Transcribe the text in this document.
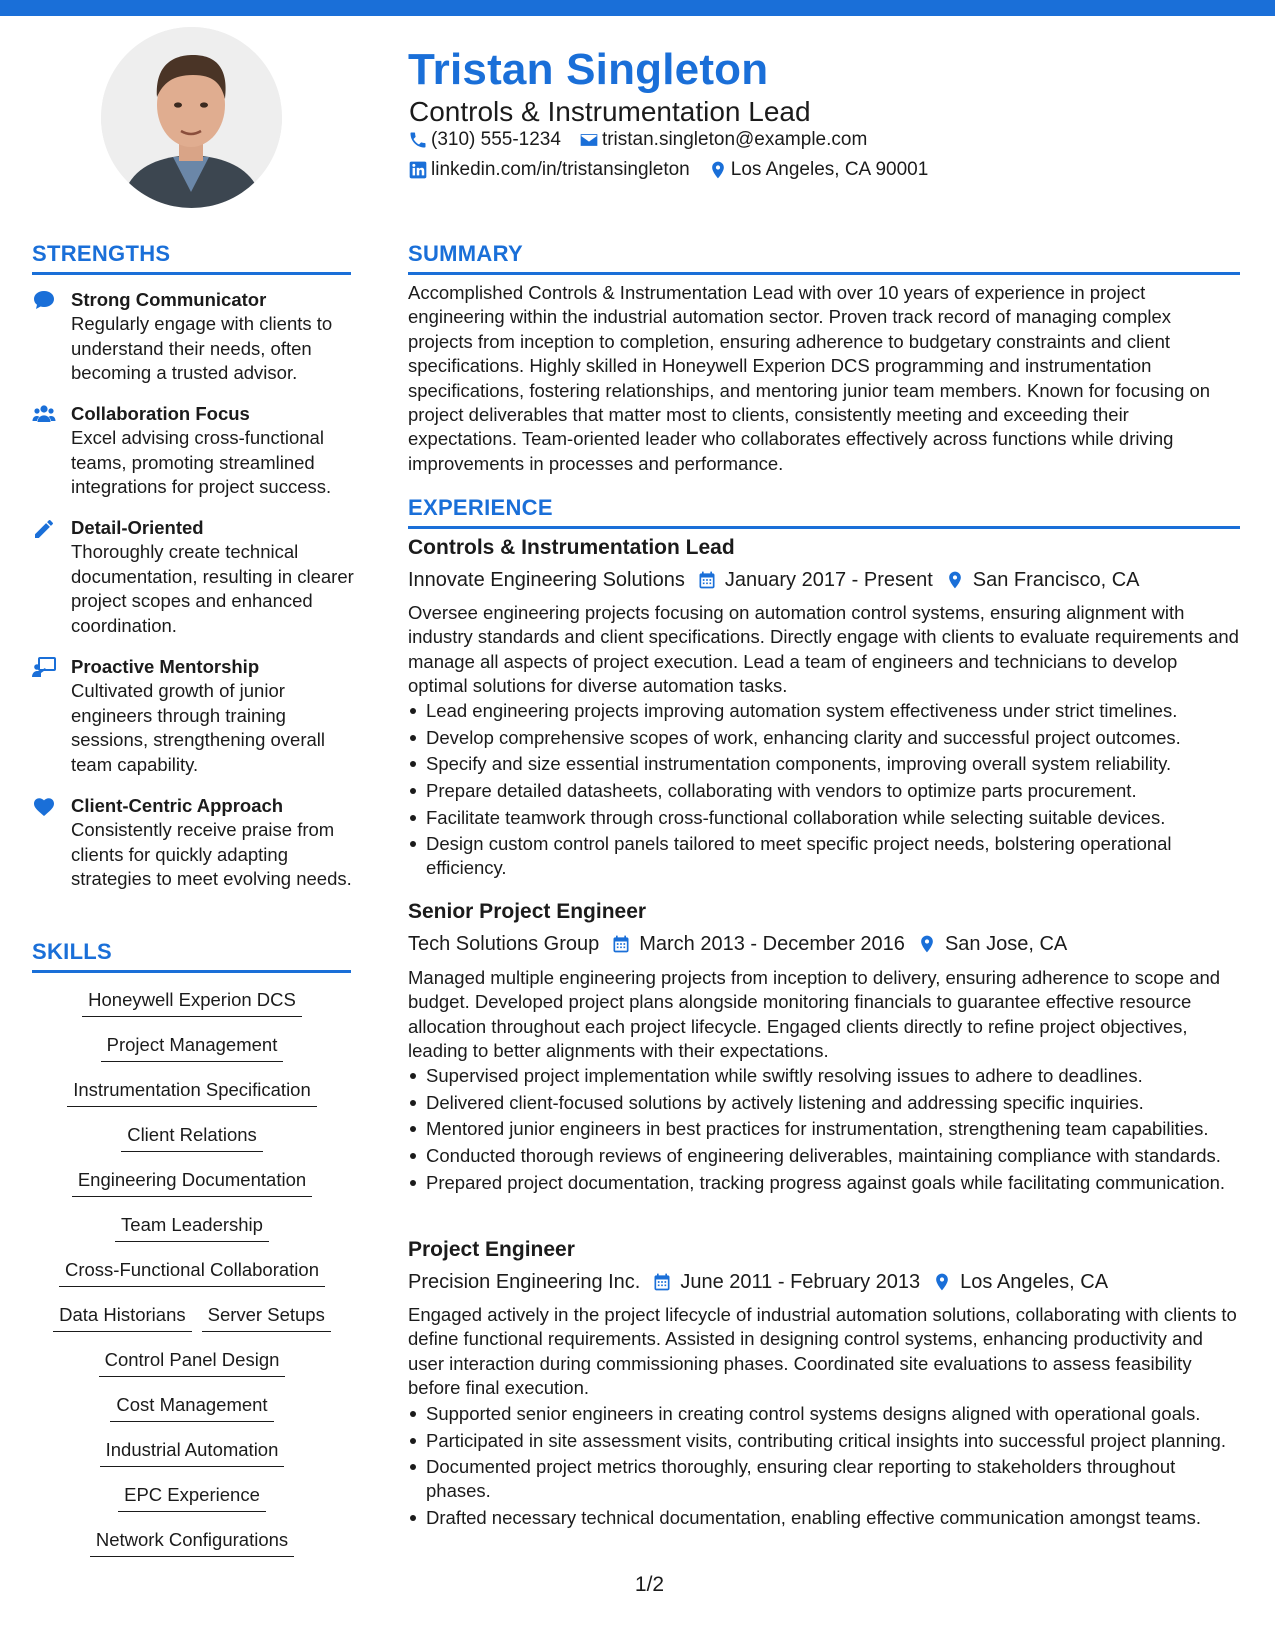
Tristan Singleton
Controls & Instrumentation Lead
(310) 555-1234 tristan.singleton@example.com
linkedin.com/in/tristansingleton Los Angeles, CA 90001
STRENGTHS
Strong Communicator
Regularly engage with clients to understand their needs, often becoming a trusted advisor.
Collaboration Focus
Excel advising cross-functional teams, promoting streamlined integrations for project success.
Detail-Oriented
Thoroughly create technical documentation, resulting in clearer project scopes and enhanced coordination.
Proactive Mentorship
Cultivated growth of junior engineers through training sessions, strengthening overall team capability.
Client-Centric Approach
Consistently receive praise from clients for quickly adapting strategies to meet evolving needs.
SKILLS
Honeywell Experion DCS
Project Management
Instrumentation Specification
Client Relations
Engineering Documentation
Team Leadership
Cross-Functional Collaboration
Data Historians	Server Setups
Control Panel Design
Cost Management
Industrial Automation
EPC Experience
Network Configurations
SUMMARY
Accomplished Controls & Instrumentation Lead with over 10 years of experience in project engineering within the industrial automation sector. Proven track record of managing complex projects from inception to completion, ensuring adherence to budgetary constraints and client specifications. Highly skilled in Honeywell Experion DCS programming and instrumentation specifications, fostering relationships, and mentoring junior team members. Known for focusing on project deliverables that matter most to clients, consistently meeting and exceeding their expectations. Team-oriented leader who collaborates effectively across functions while driving improvements in processes and performance.
EXPERIENCE
Controls & Instrumentation Lead
Innovate Engineering Solutions January 2017 - Present San Francisco, CA
Oversee engineering projects focusing on automation control systems, ensuring alignment with industry standards and client specifications. Directly engage with clients to evaluate requirements and manage all aspects of project execution. Lead a team of engineers and technicians to develop optimal solutions for diverse automation tasks.
Lead engineering projects improving automation system effectiveness under strict timelines.
Develop comprehensive scopes of work, enhancing clarity and successful project outcomes.
Specify and size essential instrumentation components, improving overall system reliability.
Prepare detailed datasheets, collaborating with vendors to optimize parts procurement.
Facilitate teamwork through cross-functional collaboration while selecting suitable devices.
Design custom control panels tailored to meet specific project needs, bolstering operational efficiency.
Senior Project Engineer
Tech Solutions Group March 2013 - December 2016 San Jose, CA
Managed multiple engineering projects from inception to delivery, ensuring adherence to scope and budget. Developed project plans alongside monitoring financials to guarantee effective resource allocation throughout each project lifecycle. Engaged clients directly to refine project objectives, leading to better alignments with their expectations.
Supervised project implementation while swiftly resolving issues to adhere to deadlines.
Delivered client-focused solutions by actively listening and addressing specific inquiries.
Mentored junior engineers in best practices for instrumentation, strengthening team capabilities.
Conducted thorough reviews of engineering deliverables, maintaining compliance with standards.
Prepared project documentation, tracking progress against goals while facilitating communication.
Project Engineer
Precision Engineering Inc. June 2011 - February 2013 Los Angeles, CA
Engaged actively in the project lifecycle of industrial automation solutions, collaborating with clients to define functional requirements. Assisted in designing control systems, enhancing productivity and user interaction during commissioning phases. Coordinated site evaluations to assess feasibility before final execution.
Supported senior engineers in creating control systems designs aligned with operational goals.
Participated in site assessment visits, contributing critical insights into successful project planning.
Documented project metrics thoroughly, ensuring clear reporting to stakeholders throughout phases.
Drafted necessary technical documentation, enabling effective communication amongst teams.
1/2
